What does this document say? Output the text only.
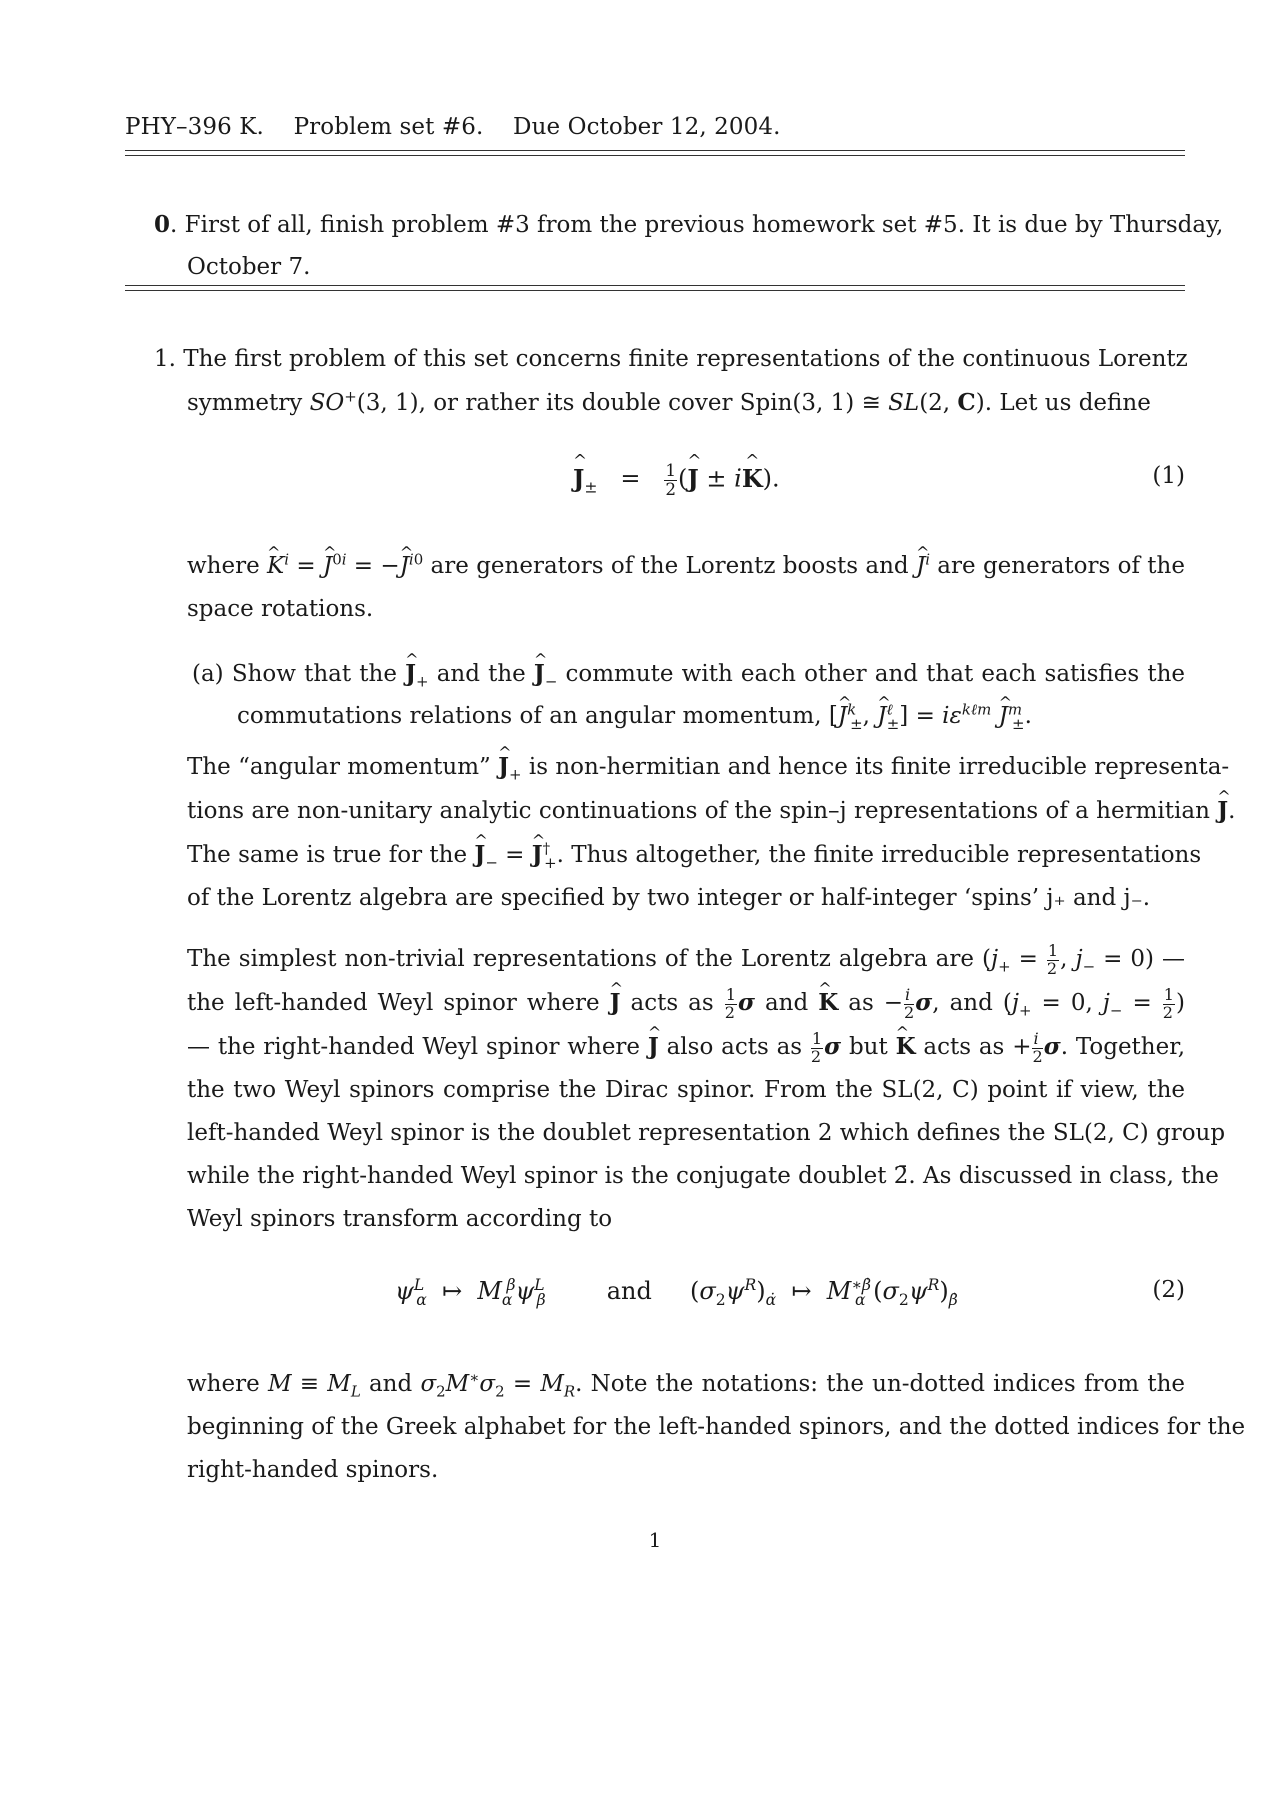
PHY–396 K. Problem set #6. Due October 12, 2004.
0. First of all, finish problem #3 from the previous homework set #5. It is due by Thursday,
October 7.
1. The first problem of this set concerns finite representations of the continuous Lorentz
symmetry SO+(3, 1), or rather its double cover Spin(3, 1) ≅ SL(2, C). Let us define
^ $J_\pm = \frac{1}{2}$ (^ J ± i^ K).	(1)
where ^ $K^i$ = ^ $J^{0i}$ = −^ $J^{i0}$ are generators of the Lorentz boosts and ^ $J^i$ are generators of the
space rotations.
(a) Show that the ^ $J_+$ and the ^ $J_-$ commute with each other and that each satisfies the
commutations relations of an angular momentum, [^ $J^k_\pm$, ^ $J^\ell_\pm] = i\varepsilon^{k\ell m}$ ^ $J^m_\pm$.
The “angular momentum” ^ $J_+$ is non-hermitian and hence its finite irreducible representa-
tions are non-unitary analytic continuations of the spin–j representations of a hermitian ^ J.
The same is true for the ^ $J_-$ = ^ $J^\dagger_+$. Thus altogether, the finite irreducible representations
of the Lorentz algebra are specified by two integer or half-integer ‘spins’ j₊ and j₋.
The simplest non-trivial representations of the Lorentz algebra are ($j_+ = \frac{1}{2}$ , $j_- = 0$) —
the left-handed Weyl spinor where ^ J acts as $\frac{1}{2}$ σ and ^ K as − $\frac{i}{2} \sigma$, and ($j_+ = 0$, $j_- = \frac{1}{2}$ )
— the right-handed Weyl spinor where ^ J also acts as $\frac{1}{2}$ σ but ^ K acts as + $\frac{i}{2} \sigma$. Together,
the two Weyl spinors comprise the Dirac spinor. From the SL(2, C) point if view, the
left-handed Weyl spinor is the doublet representation 2 which defines the SL(2, C) group
while the right-handed Weyl spinor is the conjugate doublet 2̄. As discussed in class, the
Weyl spinors transform according to
$\psi^L_\alpha$  ↦  $M_\alpha^\beta\psi^L_\beta$	and     $(\sigma_2\psi^R)_{\alphȧ}$  ↦  $M^{∗\betȧ}_{\alphȧ}$ $(\sigma_2\psi^R)_{\betȧ}$	(2)
where $M \equiv M_L$ and $\sigma_2M^∗\sigma_2 = M_R$. Note the notations: the un-dotted indices from the
beginning of the Greek alphabet for the left-handed spinors, and the dotted indices for the
right-handed spinors.
1
